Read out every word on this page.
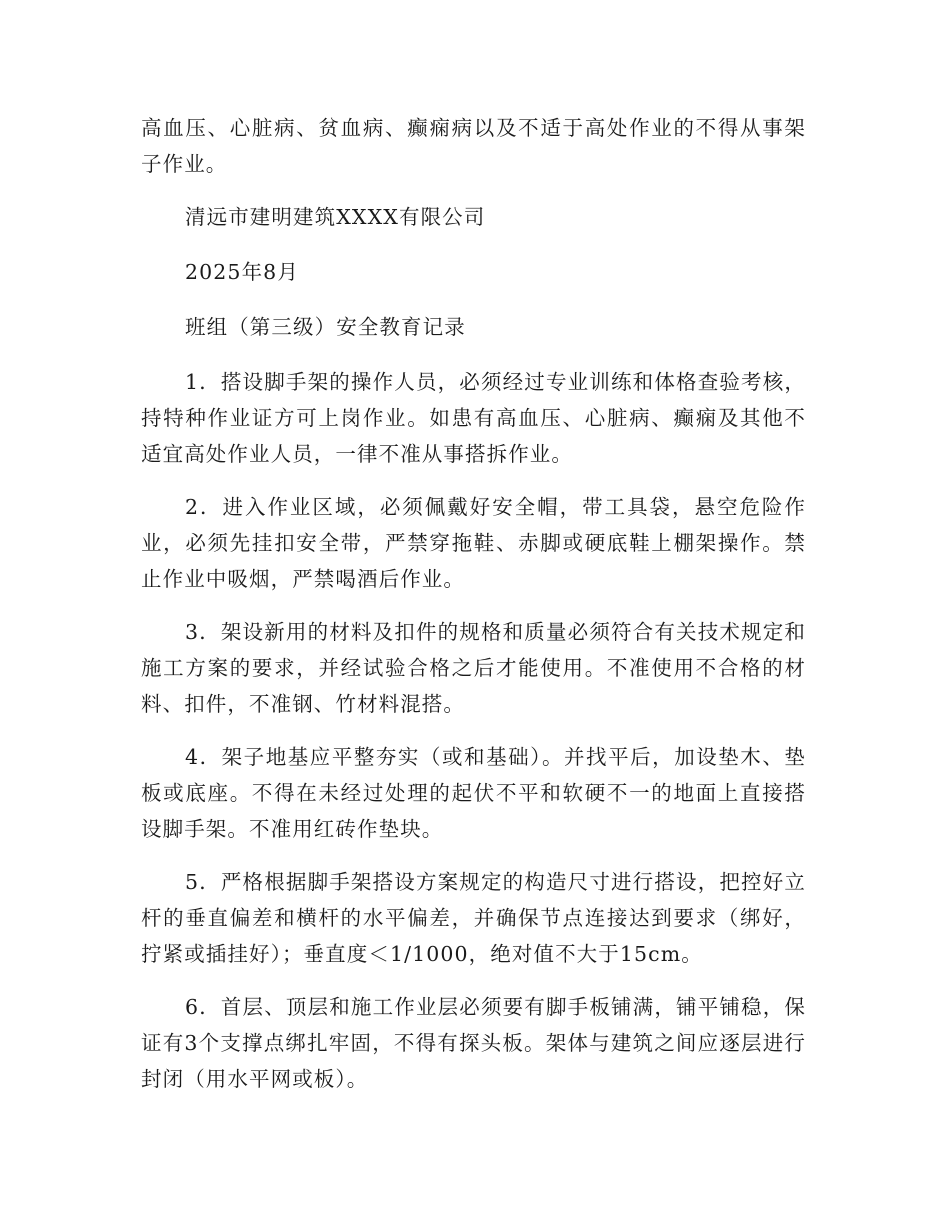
高血压、心脏病、贫血病、癫痫病以及不适于高处作业的不得从事架子作业。

清远市建明建筑XXXX有限公司

2025年8月

班组（第三级）安全教育记录

1．搭设脚手架的操作人员，必须经过专业训练和体格查验考核，持特种作业证方可上岗作业。如患有高血压、心脏病、癫痫及其他不适宜高处作业人员，一律不准从事搭拆作业。

2．进入作业区域，必须佩戴好安全帽，带工具袋，悬空危险作业，必须先挂扣安全带，严禁穿拖鞋、赤脚或硬底鞋上棚架操作。禁止作业中吸烟，严禁喝酒后作业。

3．架设新用的材料及扣件的规格和质量必须符合有关技术规定和施工方案的要求，并经试验合格之后才能使用。不准使用不合格的材料、扣件，不准钢、竹材料混搭。

4．架子地基应平整夯实（或和基础）。并找平后，加设垫木、垫板或底座。不得在未经过处理的起伏不平和软硬不一的地面上直接搭设脚手架。不准用红砖作垫块。

5．严格根据脚手架搭设方案规定的构造尺寸进行搭设，把控好立杆的垂直偏差和横杆的水平偏差，并确保节点连接达到要求（绑好，拧紧或插挂好）；垂直度＜1/1000，绝对值不大于15cm。

6．首层、顶层和施工作业层必须要有脚手板铺满，铺平铺稳，保证有3个支撑点绑扎牢固，不得有探头板。架体与建筑之间应逐层进行封闭（用水平网或板）。
